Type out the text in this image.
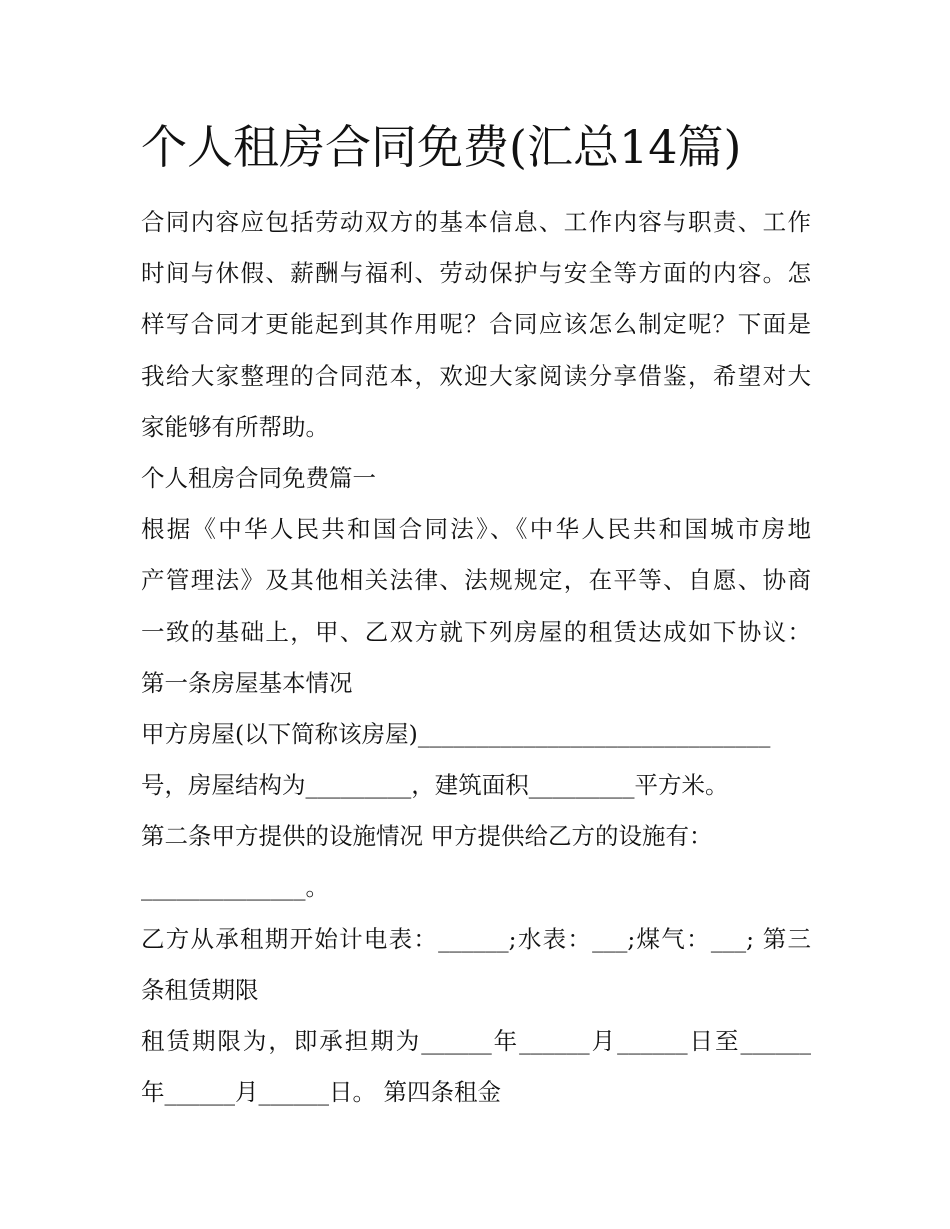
个人租房合同免费(汇总14篇)
合同内容应包括劳动双方的基本信息、工作内容与职责、工作
时间与休假、薪酬与福利、劳动保护与安全等方面的内容。怎
样写合同才更能起到其作用呢？合同应该怎么制定呢？下面是
我给大家整理的合同范本，欢迎大家阅读分享借鉴，希望对大
家能够有所帮助。
个人租房合同免费篇一
根据《中华人民共和国合同法》、《中华人民共和国城市房地
产管理法》及其他相关法律、法规规定，在平等、自愿、协商
一致的基础上，甲、乙双方就下列房屋的租赁达成如下协议：
第一条房屋基本情况
甲方房屋(以下简称该房屋)______________________________
号，房屋结构为_________，建筑面积_________平方米。
第二条甲方提供的设施情况 甲方提供给乙方的设施有：
______________。
乙方从承租期开始计电表：______;水表：___;煤气：___; 第三
条租赁期限
租赁期限为，即承担期为______年______月______日至______
年______月______日。 第四条租金
